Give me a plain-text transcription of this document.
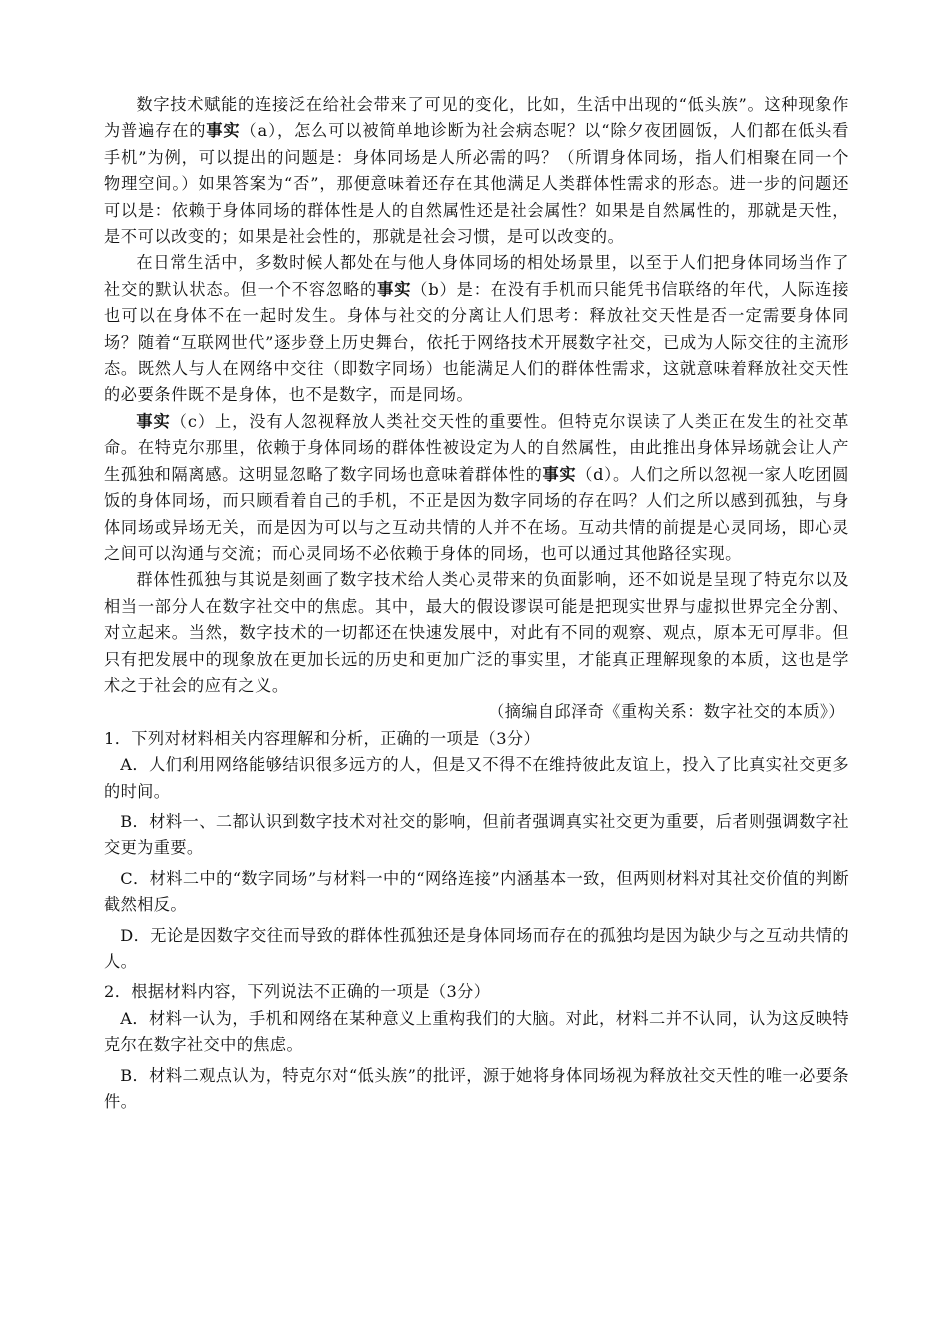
数字技术赋能的连接泛在给社会带来了可见的变化，比如，生活中出现的“低头族”。这种现象作为普遍存在的事实（a），怎么可以被简单地诊断为社会病态呢？以“除夕夜团圆饭，人们都在低头看手机”为例，可以提出的问题是：身体同场是人所必需的吗？（所谓身体同场，指人们相聚在同一个物理空间。）如果答案为“否”，那便意味着还存在其他满足人类群体性需求的形态。进一步的问题还可以是：依赖于身体同场的群体性是人的自然属性还是社会属性？如果是自然属性的，那就是天性，是不可以改变的；如果是社会性的，那就是社会习惯，是可以改变的。

在日常生活中，多数时候人都处在与他人身体同场的相处场景里，以至于人们把身体同场当作了社交的默认状态。但一个不容忽略的事实（b）是：在没有手机而只能凭书信联络的年代，人际连接也可以在身体不在一起时发生。身体与社交的分离让人们思考：释放社交天性是否一定需要身体同场？随着“互联网世代”逐步登上历史舞台，依托于网络技术开展数字社交，已成为人际交往的主流形态。既然人与人在网络中交往（即数字同场）也能满足人们的群体性需求，这就意味着释放社交天性的必要条件既不是身体，也不是数字，而是同场。

事实（c）上，没有人忽视释放人类社交天性的重要性。但特克尔误读了人类正在发生的社交革命。在特克尔那里，依赖于身体同场的群体性被设定为人的自然属性，由此推出身体异场就会让人产生孤独和隔离感。这明显忽略了数字同场也意味着群体性的事实（d）。人们之所以忽视一家人吃团圆饭的身体同场，而只顾看着自己的手机，不正是因为数字同场的存在吗？人们之所以感到孤独，与身体同场或异场无关，而是因为可以与之互动共情的人并不在场。互动共情的前提是心灵同场，即心灵之间可以沟通与交流；而心灵同场不必依赖于身体的同场，也可以通过其他路径实现。

群体性孤独与其说是刻画了数字技术给人类心灵带来的负面影响，还不如说是呈现了特克尔以及相当一部分人在数字社交中的焦虑。其中，最大的假设谬误可能是把现实世界与虚拟世界完全分割、对立起来。当然，数字技术的一切都还在快速发展中，对此有不同的观察、观点，原本无可厚非。但只有把发展中的现象放在更加长远的历史和更加广泛的事实里，才能真正理解现象的本质，这也是学术之于社会的应有之义。

（摘编自邱泽奇《重构关系：数字社交的本质》）

1．下列对材料相关内容理解和分析，正确的一项是（3分）

A．人们利用网络能够结识很多远方的人，但是又不得不在维持彼此友谊上，投入了比真实社交更多的时间。

B．材料一、二都认识到数字技术对社交的影响，但前者强调真实社交更为重要，后者则强调数字社交更为重要。

C．材料二中的“数字同场”与材料一中的“网络连接”内涵基本一致，但两则材料对其社交价值的判断截然相反。

D．无论是因数字交往而导致的群体性孤独还是身体同场而存在的孤独均是因为缺少与之互动共情的人。

2．根据材料内容，下列说法不正确的一项是（3分）

A．材料一认为，手机和网络在某种意义上重构我们的大脑。对此，材料二并不认同，认为这反映特克尔在数字社交中的焦虑。

B．材料二观点认为，特克尔对“低头族”的批评，源于她将身体同场视为释放社交天性的唯一必要条件。
